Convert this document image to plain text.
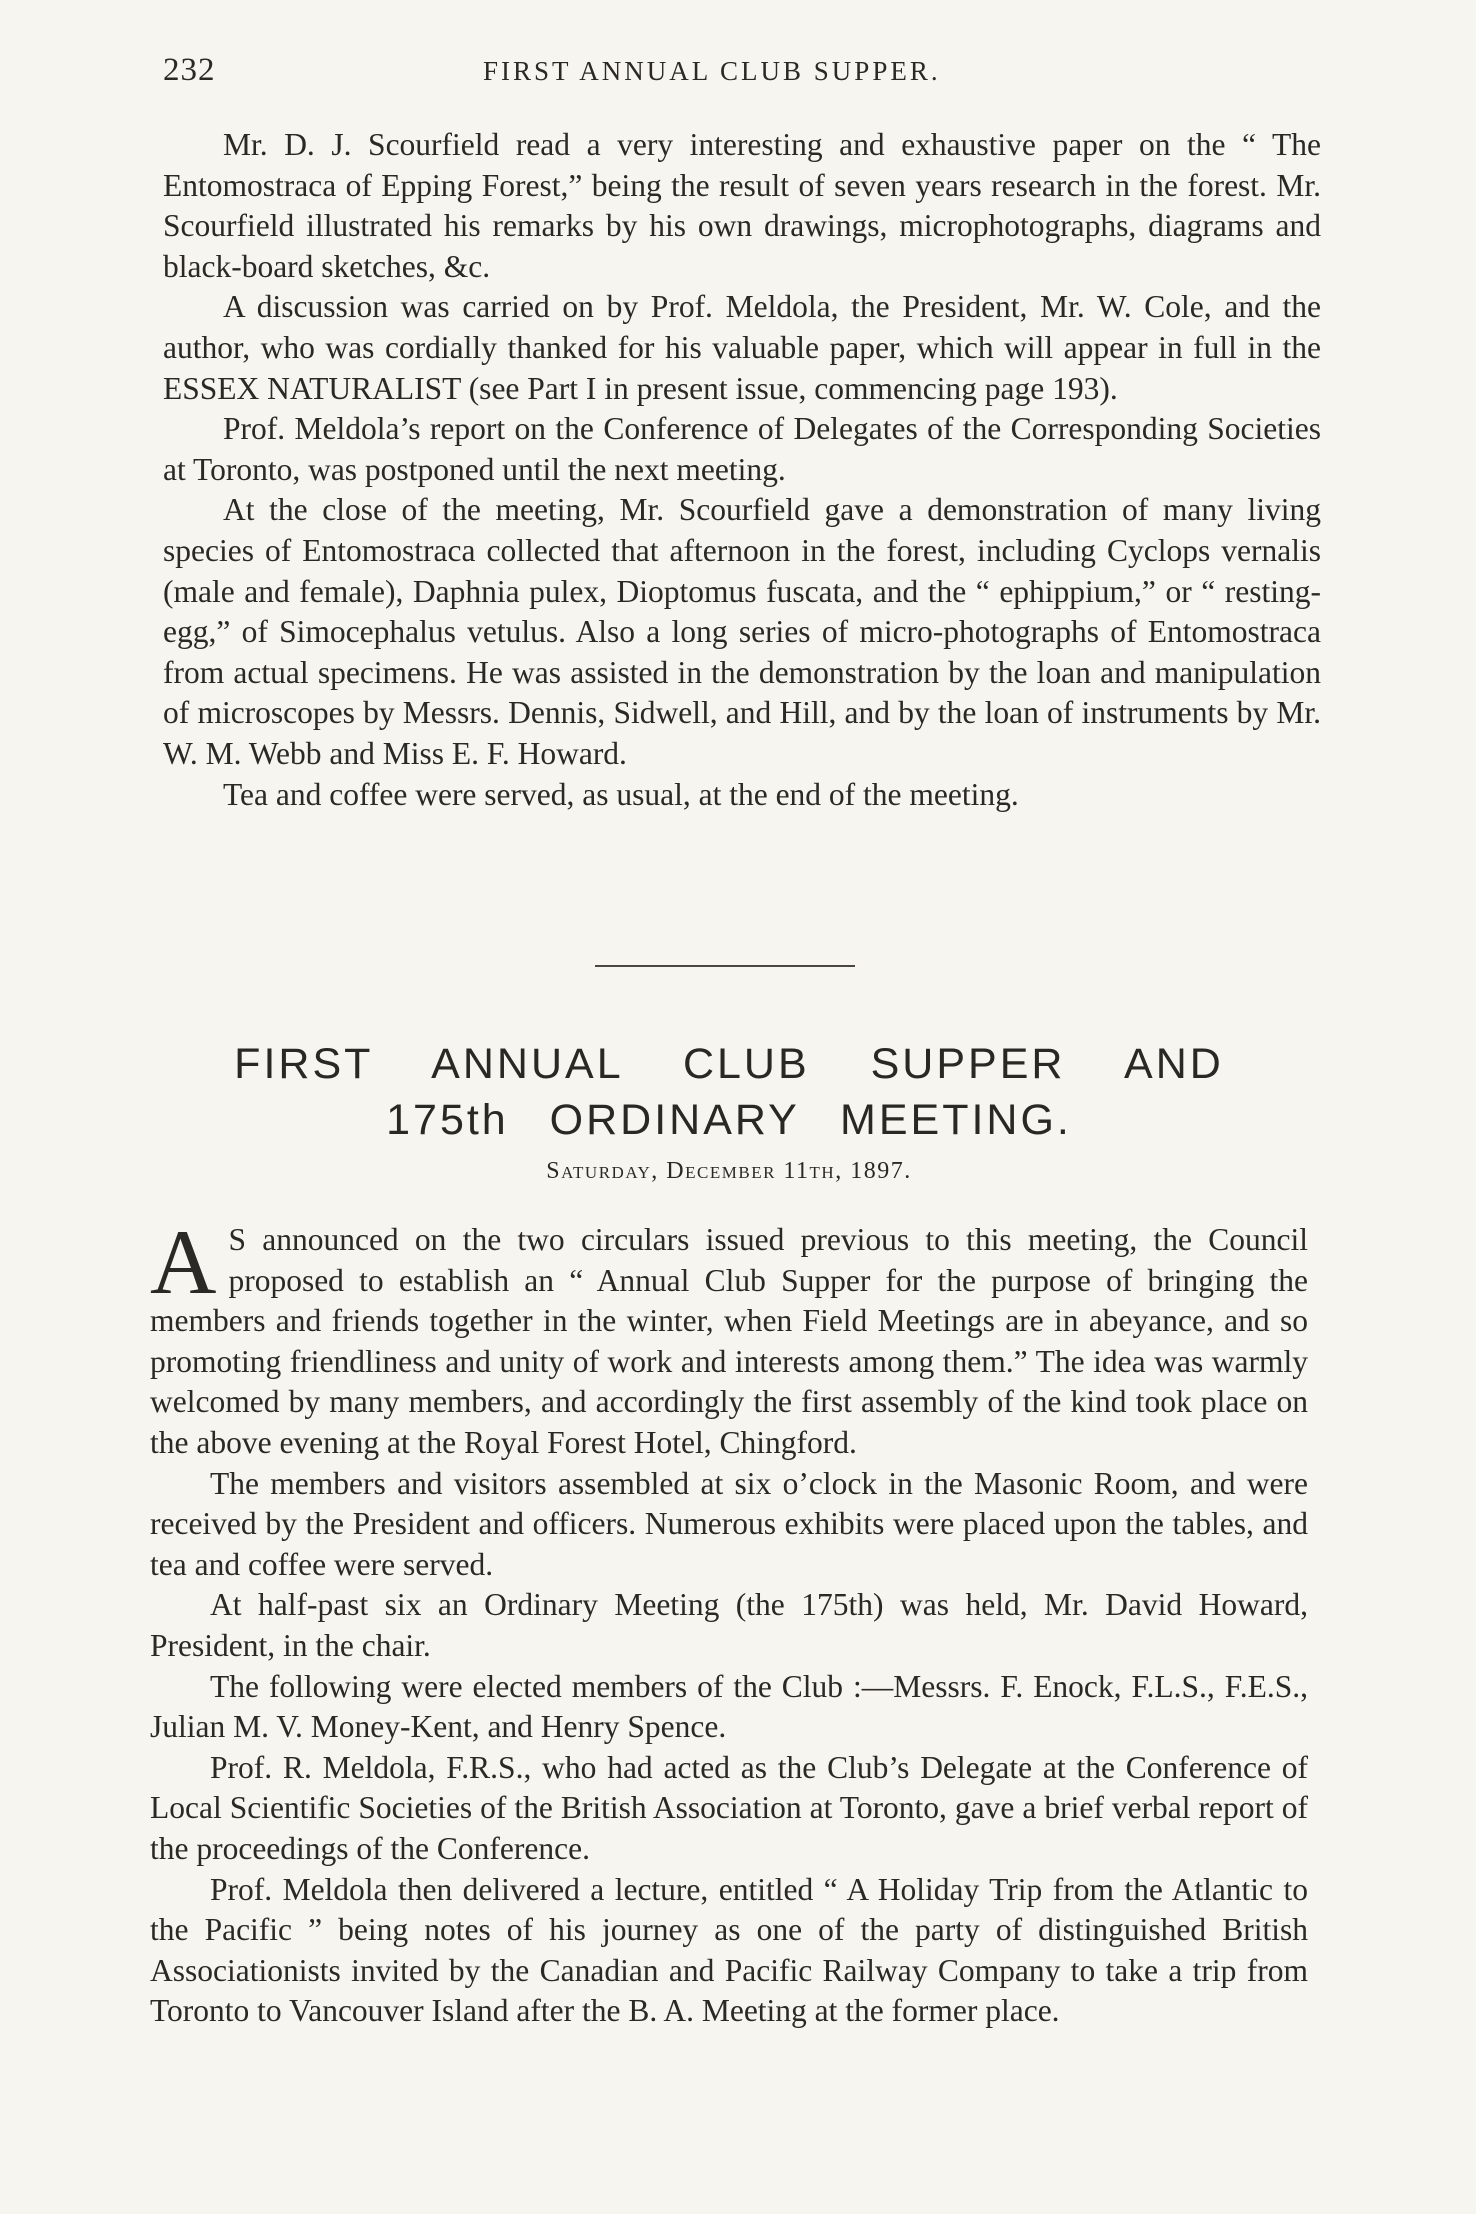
232	FIRST ANNUAL CLUB SUPPER.

Mr. D. J. Scourfield read a very interesting and exhaustive paper on the “ The Entomostraca of Epping Forest,” being the result of seven years research in the forest. Mr. Scourfield illustrated his remarks by his own drawings, microphotographs, diagrams and black-board sketches, &c.

A discussion was carried on by Prof. Meldola, the President, Mr. W. Cole, and the author, who was cordially thanked for his valuable paper, which will appear in full in the ESSEX NATURALIST (see Part I in present issue, commencing page 193).

Prof. Meldola’s report on the Conference of Delegates of the Corresponding Societies at Toronto, was postponed until the next meeting.

At the close of the meeting, Mr. Scourfield gave a demonstration of many living species of Entomostraca collected that afternoon in the forest, including Cyclops vernalis (male and female), Daphnia pulex, Dioptomus fuscata, and the “ ephippium,” or “ resting-egg,” of Simocephalus vetulus. Also a long series of micro-photographs of Entomostraca from actual specimens. He was assisted in the demonstration by the loan and manipulation of microscopes by Messrs. Dennis, Sidwell, and Hill, and by the loan of instruments by Mr. W. M. Webb and Miss E. F. Howard.

Tea and coffee were served, as usual, at the end of the meeting.

FIRST ANNUAL CLUB SUPPER AND
175th ORDINARY MEETING.
Saturday, December 11th, 1897.

A S announced on the two circulars issued previous to this meeting, the Council proposed to establish an “ Annual Club Supper for the purpose of bringing the members and friends together in the winter, when Field Meetings are in abeyance, and so promoting friendliness and unity of work and interests among them.” The idea was warmly welcomed by many members, and accordingly the first assembly of the kind took place on the above evening at the Royal Forest Hotel, Chingford.

The members and visitors assembled at six o’clock in the Masonic Room, and were received by the President and officers. Numerous exhibits were placed upon the tables, and tea and coffee were served.

At half-past six an Ordinary Meeting (the 175th) was held, Mr. David Howard, President, in the chair.

The following were elected members of the Club :—Messrs. F. Enock, F.L.S., F.E.S., Julian M. V. Money-Kent, and Henry Spence.

Prof. R. Meldola, F.R.S., who had acted as the Club’s Delegate at the Conference of Local Scientific Societies of the British Association at Toronto, gave a brief verbal report of the proceedings of the Conference.

Prof. Meldola then delivered a lecture, entitled “ A Holiday Trip from the Atlantic to the Pacific ” being notes of his journey as one of the party of distinguished British Associationists invited by the Canadian and Pacific Railway Company to take a trip from Toronto to Vancouver Island after the B. A. Meeting at the former place.
